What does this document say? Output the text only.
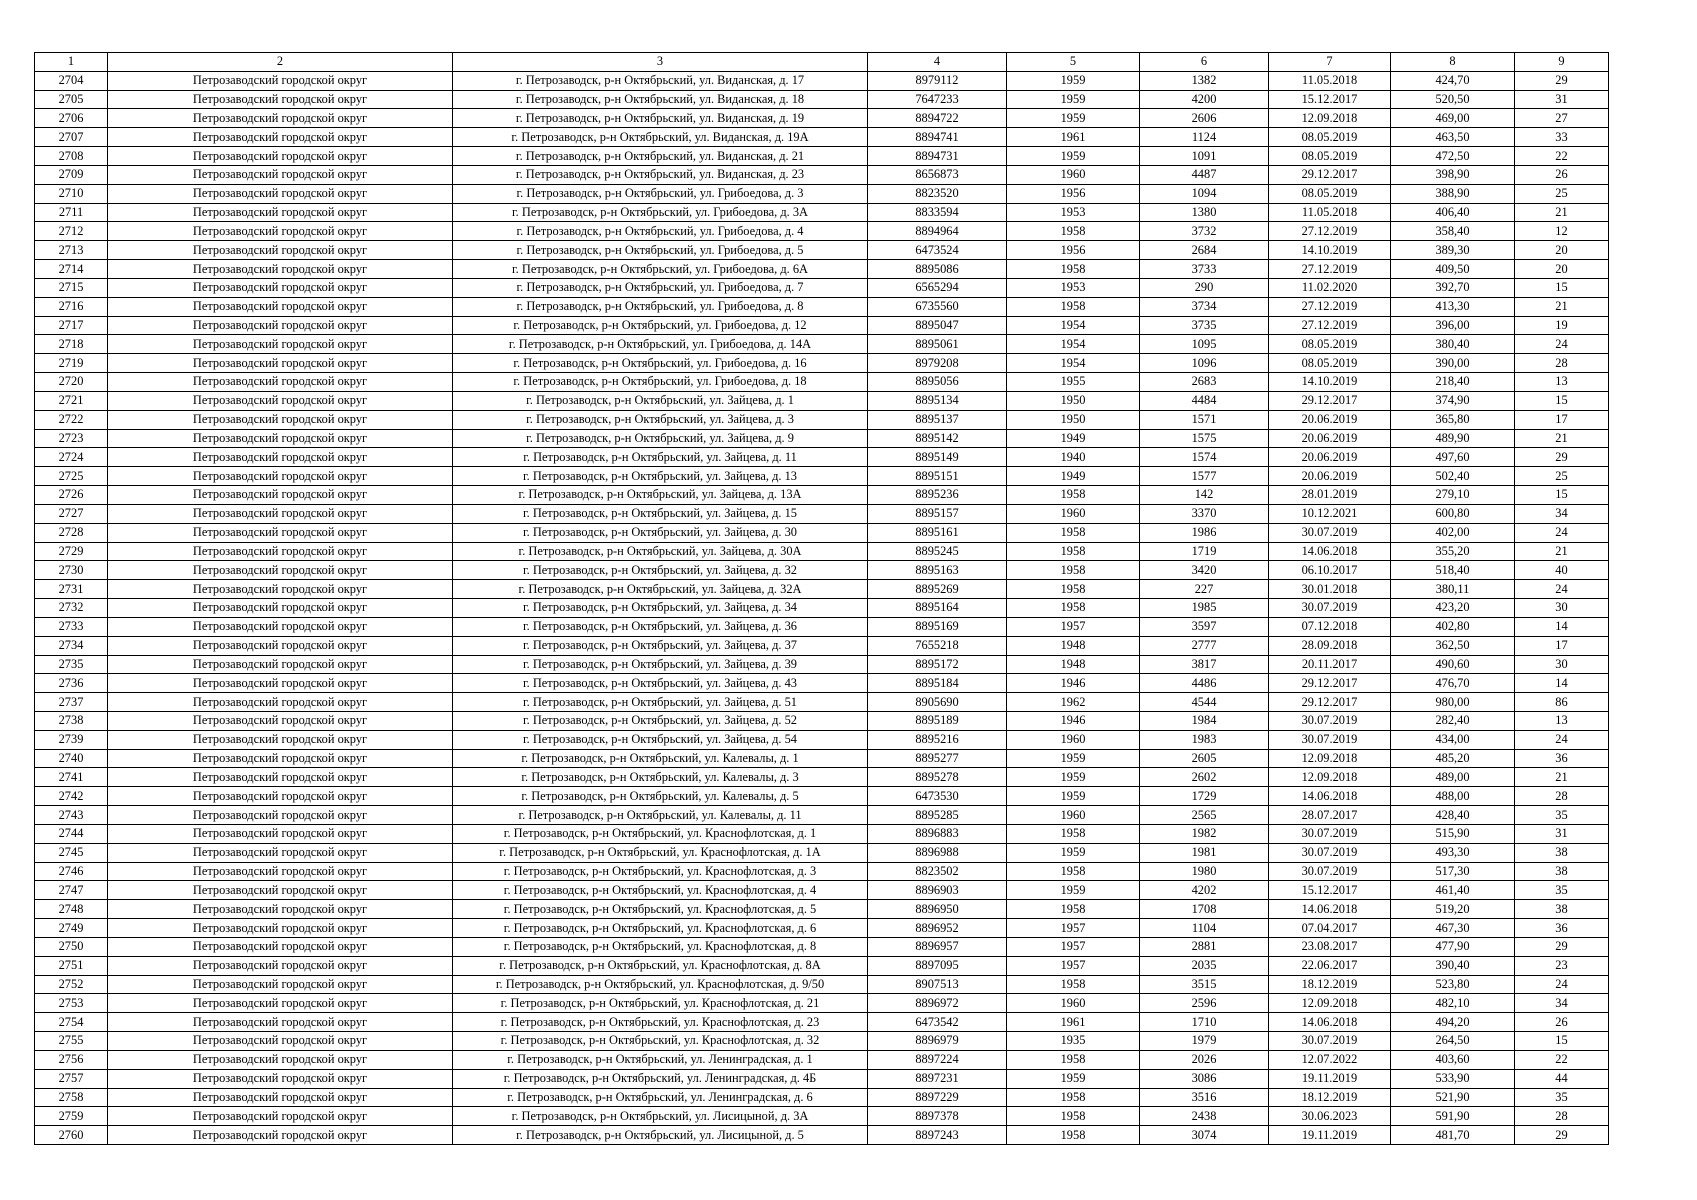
1	2	3	4	5	6	7	8	9
2704	Петрозаводский городской округ	г. Петрозаводск, р-н Октябрьский, ул. Виданская, д. 17	8979112	1959	1382	11.05.2018	424,70	29
2705	Петрозаводский городской округ	г. Петрозаводск, р-н Октябрьский, ул. Виданская, д. 18	7647233	1959	4200	15.12.2017	520,50	31
2706	Петрозаводский городской округ	г. Петрозаводск, р-н Октябрьский, ул. Виданская, д. 19	8894722	1959	2606	12.09.2018	469,00	27
2707	Петрозаводский городской округ	г. Петрозаводск, р-н Октябрьский, ул. Виданская, д. 19А	8894741	1961	1124	08.05.2019	463,50	33
2708	Петрозаводский городской округ	г. Петрозаводск, р-н Октябрьский, ул. Виданская, д. 21	8894731	1959	1091	08.05.2019	472,50	22
2709	Петрозаводский городской округ	г. Петрозаводск, р-н Октябрьский, ул. Виданская, д. 23	8656873	1960	4487	29.12.2017	398,90	26
2710	Петрозаводский городской округ	г. Петрозаводск, р-н Октябрьский, ул. Грибоедова, д. 3	8823520	1956	1094	08.05.2019	388,90	25
2711	Петрозаводский городской округ	г. Петрозаводск, р-н Октябрьский, ул. Грибоедова, д. 3А	8833594	1953	1380	11.05.2018	406,40	21
2712	Петрозаводский городской округ	г. Петрозаводск, р-н Октябрьский, ул. Грибоедова, д. 4	8894964	1958	3732	27.12.2019	358,40	12
2713	Петрозаводский городской округ	г. Петрозаводск, р-н Октябрьский, ул. Грибоедова, д. 5	6473524	1956	2684	14.10.2019	389,30	20
2714	Петрозаводский городской округ	г. Петрозаводск, р-н Октябрьский, ул. Грибоедова, д. 6А	8895086	1958	3733	27.12.2019	409,50	20
2715	Петрозаводский городской округ	г. Петрозаводск, р-н Октябрьский, ул. Грибоедова, д. 7	6565294	1953	290	11.02.2020	392,70	15
2716	Петрозаводский городской округ	г. Петрозаводск, р-н Октябрьский, ул. Грибоедова, д. 8	6735560	1958	3734	27.12.2019	413,30	21
2717	Петрозаводский городской округ	г. Петрозаводск, р-н Октябрьский, ул. Грибоедова, д. 12	8895047	1954	3735	27.12.2019	396,00	19
2718	Петрозаводский городской округ	г. Петрозаводск, р-н Октябрьский, ул. Грибоедова, д. 14А	8895061	1954	1095	08.05.2019	380,40	24
2719	Петрозаводский городской округ	г. Петрозаводск, р-н Октябрьский, ул. Грибоедова, д. 16	8979208	1954	1096	08.05.2019	390,00	28
2720	Петрозаводский городской округ	г. Петрозаводск, р-н Октябрьский, ул. Грибоедова, д. 18	8895056	1955	2683	14.10.2019	218,40	13
2721	Петрозаводский городской округ	г. Петрозаводск, р-н Октябрьский, ул. Зайцева, д. 1	8895134	1950	4484	29.12.2017	374,90	15
2722	Петрозаводский городской округ	г. Петрозаводск, р-н Октябрьский, ул. Зайцева, д. 3	8895137	1950	1571	20.06.2019	365,80	17
2723	Петрозаводский городской округ	г. Петрозаводск, р-н Октябрьский, ул. Зайцева, д. 9	8895142	1949	1575	20.06.2019	489,90	21
2724	Петрозаводский городской округ	г. Петрозаводск, р-н Октябрьский, ул. Зайцева, д. 11	8895149	1940	1574	20.06.2019	497,60	29
2725	Петрозаводский городской округ	г. Петрозаводск, р-н Октябрьский, ул. Зайцева, д. 13	8895151	1949	1577	20.06.2019	502,40	25
2726	Петрозаводский городской округ	г. Петрозаводск, р-н Октябрьский, ул. Зайцева, д. 13А	8895236	1958	142	28.01.2019	279,10	15
2727	Петрозаводский городской округ	г. Петрозаводск, р-н Октябрьский, ул. Зайцева, д. 15	8895157	1960	3370	10.12.2021	600,80	34
2728	Петрозаводский городской округ	г. Петрозаводск, р-н Октябрьский, ул. Зайцева, д. 30	8895161	1958	1986	30.07.2019	402,00	24
2729	Петрозаводский городской округ	г. Петрозаводск, р-н Октябрьский, ул. Зайцева, д. 30А	8895245	1958	1719	14.06.2018	355,20	21
2730	Петрозаводский городской округ	г. Петрозаводск, р-н Октябрьский, ул. Зайцева, д. 32	8895163	1958	3420	06.10.2017	518,40	40
2731	Петрозаводский городской округ	г. Петрозаводск, р-н Октябрьский, ул. Зайцева, д. 32А	8895269	1958	227	30.01.2018	380,11	24
2732	Петрозаводский городской округ	г. Петрозаводск, р-н Октябрьский, ул. Зайцева, д. 34	8895164	1958	1985	30.07.2019	423,20	30
2733	Петрозаводский городской округ	г. Петрозаводск, р-н Октябрьский, ул. Зайцева, д. 36	8895169	1957	3597	07.12.2018	402,80	14
2734	Петрозаводский городской округ	г. Петрозаводск, р-н Октябрьский, ул. Зайцева, д. 37	7655218	1948	2777	28.09.2018	362,50	17
2735	Петрозаводский городской округ	г. Петрозаводск, р-н Октябрьский, ул. Зайцева, д. 39	8895172	1948	3817	20.11.2017	490,60	30
2736	Петрозаводский городской округ	г. Петрозаводск, р-н Октябрьский, ул. Зайцева, д. 43	8895184	1946	4486	29.12.2017	476,70	14
2737	Петрозаводский городской округ	г. Петрозаводск, р-н Октябрьский, ул. Зайцева, д. 51	8905690	1962	4544	29.12.2017	980,00	86
2738	Петрозаводский городской округ	г. Петрозаводск, р-н Октябрьский, ул. Зайцева, д. 52	8895189	1946	1984	30.07.2019	282,40	13
2739	Петрозаводский городской округ	г. Петрозаводск, р-н Октябрьский, ул. Зайцева, д. 54	8895216	1960	1983	30.07.2019	434,00	24
2740	Петрозаводский городской округ	г. Петрозаводск, р-н Октябрьский, ул. Калевалы, д. 1	8895277	1959	2605	12.09.2018	485,20	36
2741	Петрозаводский городской округ	г. Петрозаводск, р-н Октябрьский, ул. Калевалы, д. 3	8895278	1959	2602	12.09.2018	489,00	21
2742	Петрозаводский городской округ	г. Петрозаводск, р-н Октябрьский, ул. Калевалы, д. 5	6473530	1959	1729	14.06.2018	488,00	28
2743	Петрозаводский городской округ	г. Петрозаводск, р-н Октябрьский, ул. Калевалы, д. 11	8895285	1960	2565	28.07.2017	428,40	35
2744	Петрозаводский городской округ	г. Петрозаводск, р-н Октябрьский, ул. Краснофлотская, д. 1	8896883	1958	1982	30.07.2019	515,90	31
2745	Петрозаводский городской округ	г. Петрозаводск, р-н Октябрьский, ул. Краснофлотская, д. 1А	8896988	1959	1981	30.07.2019	493,30	38
2746	Петрозаводский городской округ	г. Петрозаводск, р-н Октябрьский, ул. Краснофлотская, д. 3	8823502	1958	1980	30.07.2019	517,30	38
2747	Петрозаводский городской округ	г. Петрозаводск, р-н Октябрьский, ул. Краснофлотская, д. 4	8896903	1959	4202	15.12.2017	461,40	35
2748	Петрозаводский городской округ	г. Петрозаводск, р-н Октябрьский, ул. Краснофлотская, д. 5	8896950	1958	1708	14.06.2018	519,20	38
2749	Петрозаводский городской округ	г. Петрозаводск, р-н Октябрьский, ул. Краснофлотская, д. 6	8896952	1957	1104	07.04.2017	467,30	36
2750	Петрозаводский городской округ	г. Петрозаводск, р-н Октябрьский, ул. Краснофлотская, д. 8	8896957	1957	2881	23.08.2017	477,90	29
2751	Петрозаводский городской округ	г. Петрозаводск, р-н Октябрьский, ул. Краснофлотская, д. 8А	8897095	1957	2035	22.06.2017	390,40	23
2752	Петрозаводский городской округ	г. Петрозаводск, р-н Октябрьский, ул. Краснофлотская, д. 9/50	8907513	1958	3515	18.12.2019	523,80	24
2753	Петрозаводский городской округ	г. Петрозаводск, р-н Октябрьский, ул. Краснофлотская, д. 21	8896972	1960	2596	12.09.2018	482,10	34
2754	Петрозаводский городской округ	г. Петрозаводск, р-н Октябрьский, ул. Краснофлотская, д. 23	6473542	1961	1710	14.06.2018	494,20	26
2755	Петрозаводский городской округ	г. Петрозаводск, р-н Октябрьский, ул. Краснофлотская, д. 32	8896979	1935	1979	30.07.2019	264,50	15
2756	Петрозаводский городской округ	г. Петрозаводск, р-н Октябрьский, ул. Ленинградская, д. 1	8897224	1958	2026	12.07.2022	403,60	22
2757	Петрозаводский городской округ	г. Петрозаводск, р-н Октябрьский, ул. Ленинградская, д. 4Б	8897231	1959	3086	19.11.2019	533,90	44
2758	Петрозаводский городской округ	г. Петрозаводск, р-н Октябрьский, ул. Ленинградская, д. 6	8897229	1958	3516	18.12.2019	521,90	35
2759	Петрозаводский городской округ	г. Петрозаводск, р-н Октябрьский, ул. Лисицыной, д. 3А	8897378	1958	2438	30.06.2023	591,90	28
2760	Петрозаводский городской округ	г. Петрозаводск, р-н Октябрьский, ул. Лисицыной, д. 5	8897243	1958	3074	19.11.2019	481,70	29
